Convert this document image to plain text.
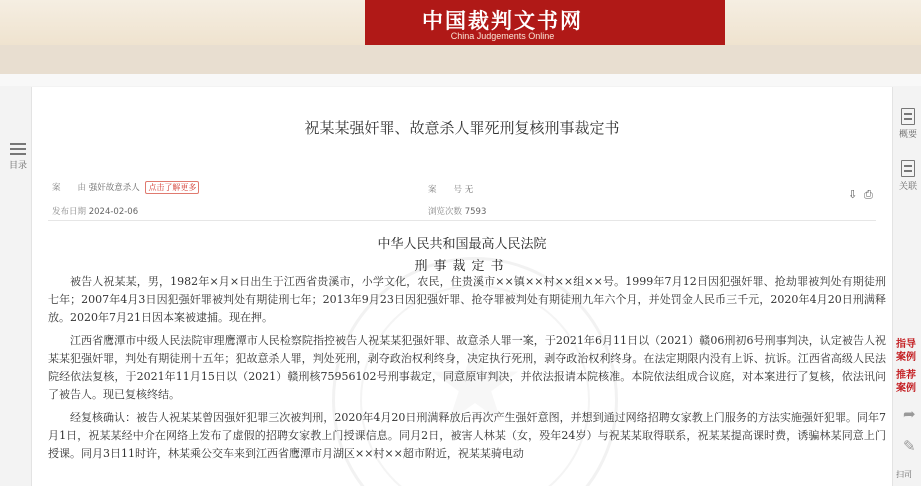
中国裁判文书网
China Judgements Online
目录
概要
关联
指导
案例
推荐
案例
➦
✎
扫司
祝某某强奸罪、故意杀人罪死刑复核刑事裁定书
案　　由 强奸故意杀人 点击了解更多	案　　号 无
发布日期 2024-02-06	浏览次数 7593
⇩ ⎙
中华人民共和国最高人民法院
刑事裁定书

被告人祝某某，男，1982年×月×日出生于江西省贵溪市，小学文化，农民，住贵溪市××镇××村××组××号。1999年7月12日因犯强奸罪、抢劫罪被判处有期徒刑七年；2007年4月3日因犯强奸罪被判处有期徒刑七年；2013年9月23日因犯强奸罪、抢夺罪被判处有期徒刑九年六个月，并处罚金人民币三千元，2020年4月20日刑满释放。2020年7月21日因本案被逮捕。现在押。

江西省鹰潭市中级人民法院审理鹰潭市人民检察院指控被告人祝某某犯强奸罪、故意杀人罪一案，于2021年6月11日以（2021）赣06刑初6号刑事判决，认定被告人祝某某犯强奸罪，判处有期徒刑十五年；犯故意杀人罪，判处死刑，剥夺政治权利终身，决定执行死刑，剥夺政治权利终身。在法定期限内没有上诉、抗诉。江西省高级人民法院经依法复核，于2021年11月15日以（2021）赣刑核75956102号刑事裁定，同意原审判决，并依法报请本院核准。本院依法组成合议庭，对本案进行了复核，依法讯问了被告人。现已复核终结。

经复核确认：被告人祝某某曾因强奸犯罪三次被判刑，2020年4月20日刑满释放后再次产生强奸意图，并想到通过网络招聘女家教上门服务的方法实施强奸犯罪。同年7月1日，祝某某经中介在网络上发布了虚假的招聘女家教上门授课信息。同月2日，被害人林某（女，殁年24岁）与祝某某取得联系，祝某某提高课时费，诱骗林某同意上门授课。同月3日11时许，林某乘公交车来到江西省鹰潭市月湖区××村××超市附近，祝某某骑电动
